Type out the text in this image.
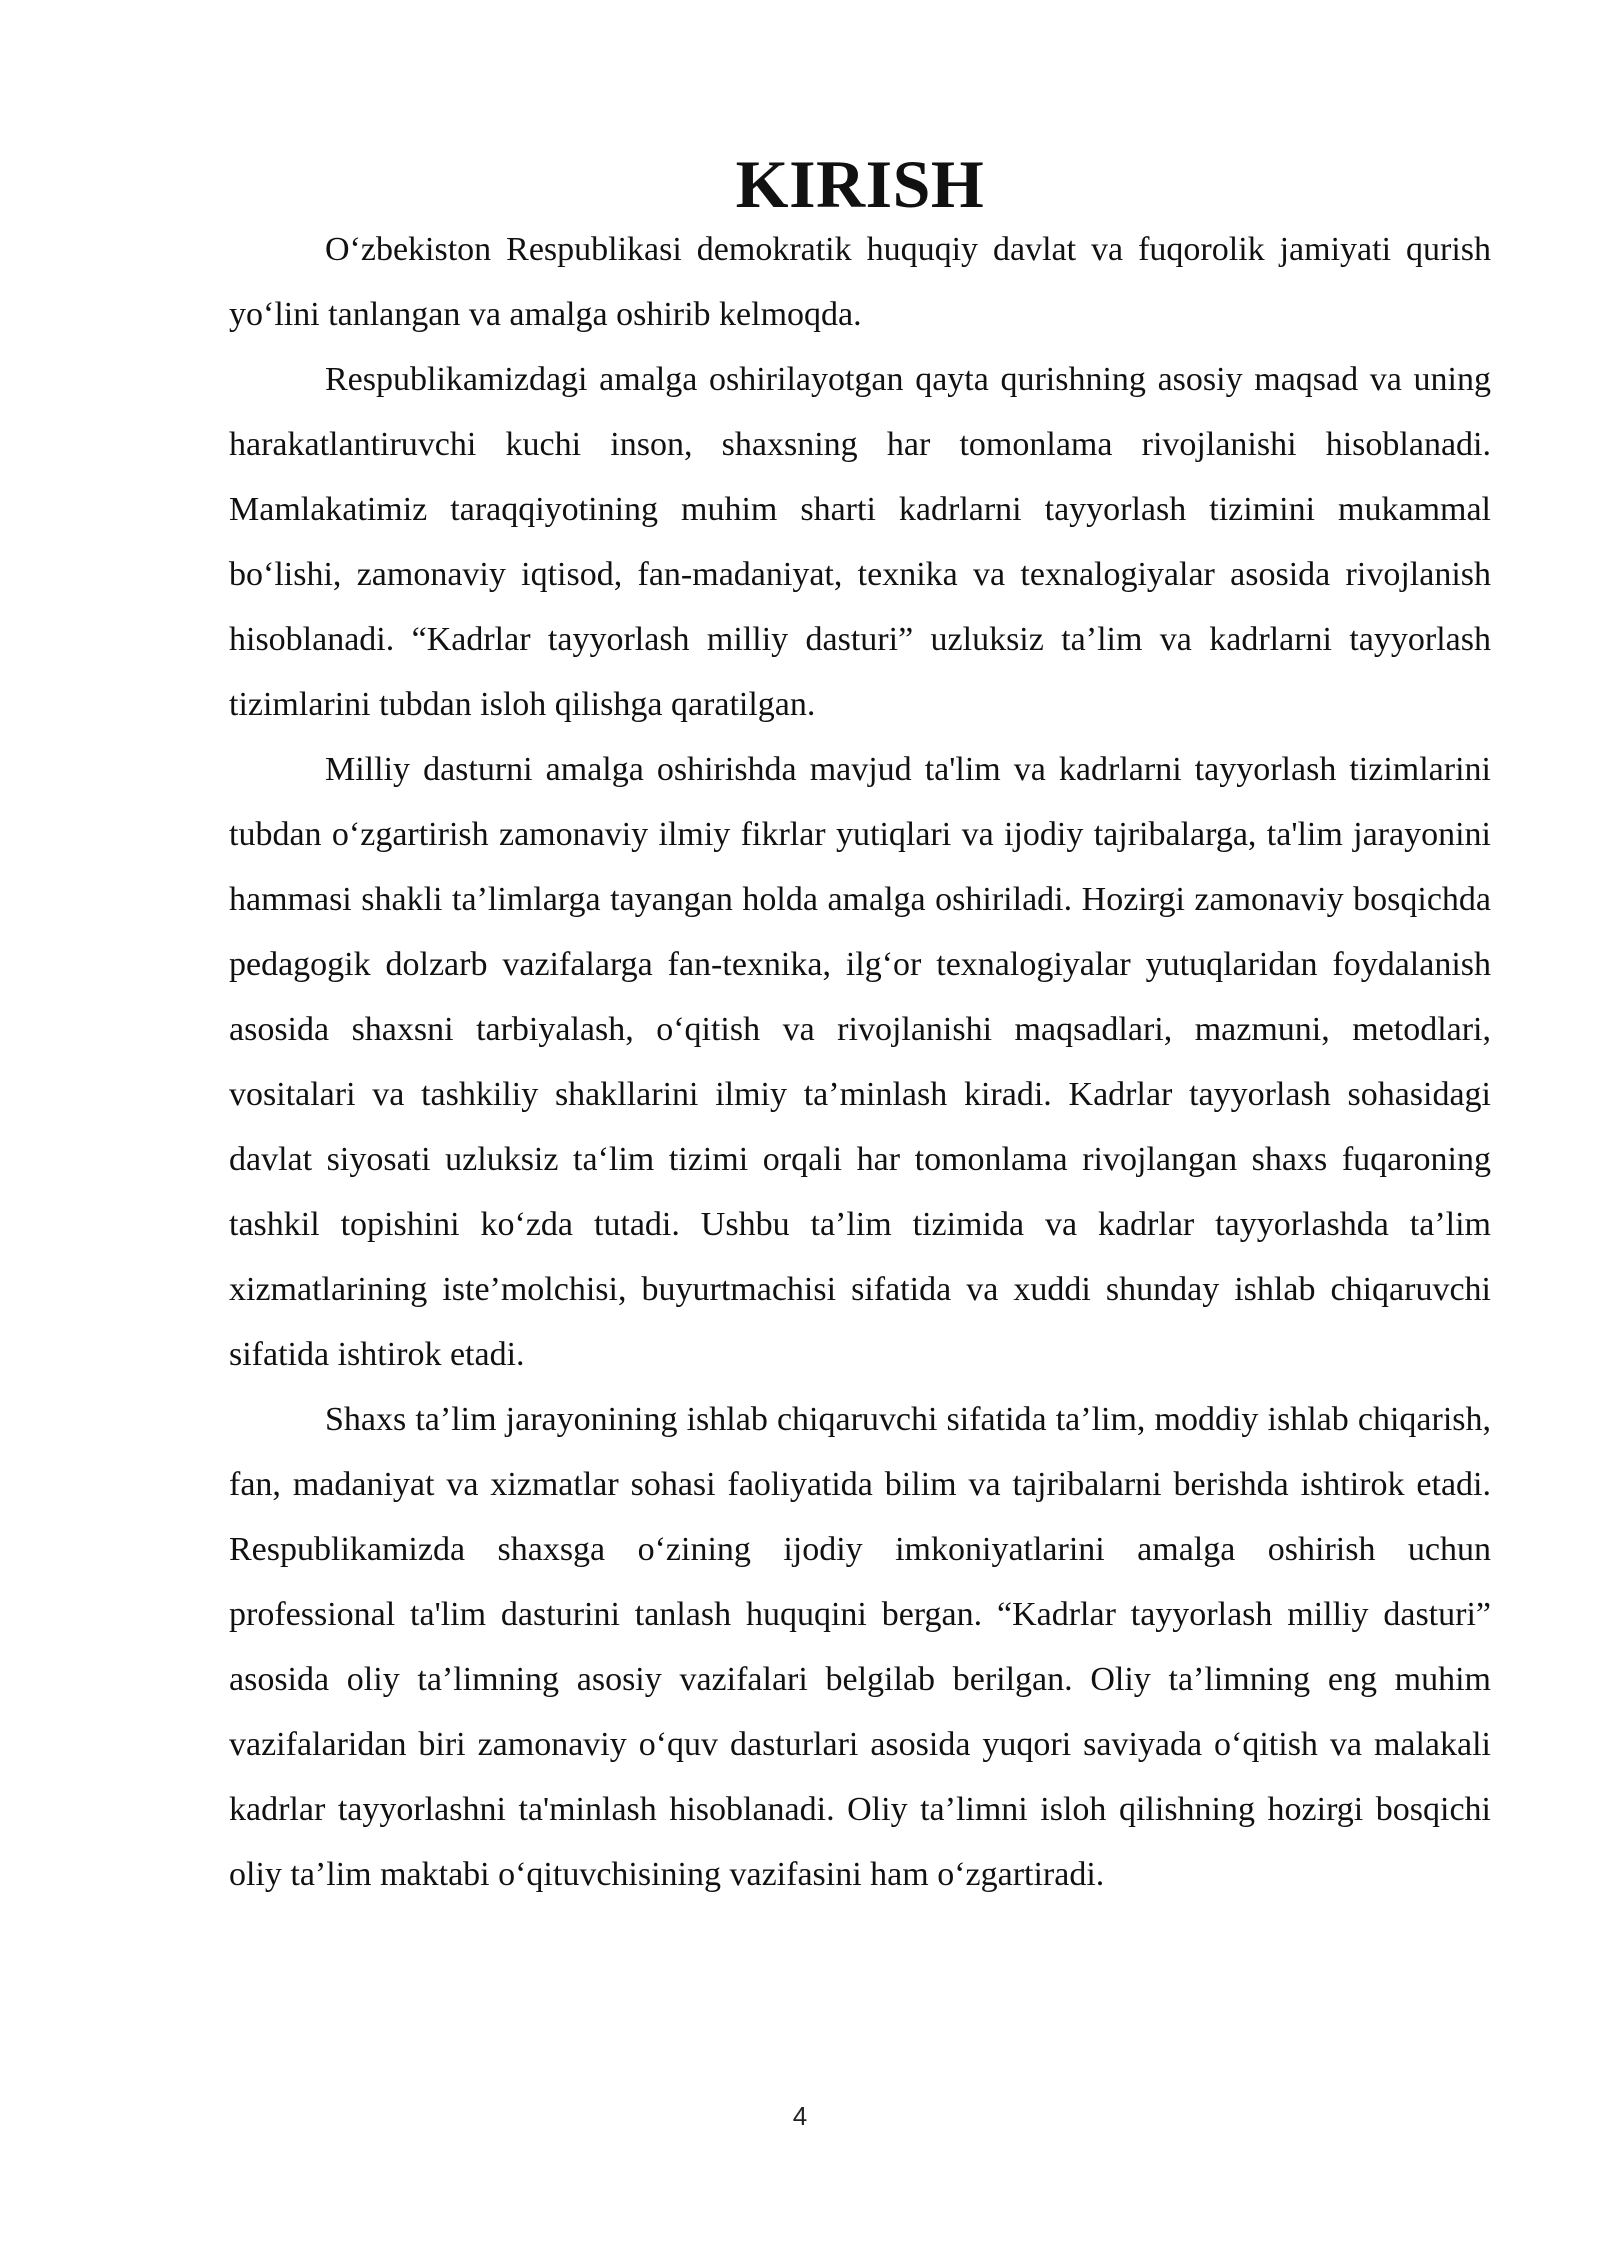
KIRISH

O‘zbekiston Respublikasi demokratik huquqiy davlat va fuqorolik jamiyati qurish yo‘lini tanlangan va amalga oshirib kelmoqda.

Respublikamizdagi amalga oshirilayotgan qayta qurishning asosiy maqsad va uning harakatlantiruvchi kuchi inson, shaxsning har tomonlama rivojlanishi hisoblanadi. Mamlakatimiz taraqqiyotining muhim sharti kadrlarni tayyorlash tizimini mukammal bo‘lishi, zamonaviy iqtisod, fan-madaniyat, texnika va texnalogiyalar asosida rivojlanish hisoblanadi. “Kadrlar tayyorlash milliy dasturi” uzluksiz ta’lim va kadrlarni tayyorlash tizimlarini tubdan isloh qilishga qaratilgan.

Milliy dasturni amalga oshirishda mavjud ta'lim va kadrlarni tayyorlash tizimlarini tubdan o‘zgartirish zamonaviy ilmiy fikrlar yutiqlari va ijodiy tajribalarga, ta'lim jarayonini hammasi shakli ta’limlarga tayangan holda amalga oshiriladi. Hozirgi zamonaviy bosqichda pedagogik dolzarb vazifalarga fan-texnika, ilg‘or texnalogiyalar yutuqlaridan foydalanish asosida shaxsni tarbiyalash, o‘qitish va rivojlanishi maqsadlari, mazmuni, metodlari, vositalari va tashkiliy shakllarini ilmiy ta’minlash kiradi. Kadrlar tayyorlash sohasidagi davlat siyosati uzluksiz ta‘lim tizimi orqali har tomonlama rivojlangan shaxs fuqaroning tashkil topishini ko‘zda tutadi. Ushbu ta’lim tizimida va kadrlar tayyorlashda ta’lim xizmatlarining iste’molchisi, buyurtmachisi sifatida va xuddi shunday ishlab chiqaruvchi sifatida ishtirok etadi.

Shaxs ta’lim jarayonining ishlab chiqaruvchi sifatida ta’lim, moddiy ishlab chiqarish, fan, madaniyat va xizmatlar sohasi faoliyatida bilim va tajribalarni berishda ishtirok etadi. Respublikamizda shaxsga o‘zining ijodiy imkoniyatlarini amalga oshirish uchun professional ta'lim dasturini tanlash huquqini bergan. “Kadrlar tayyorlash milliy dasturi” asosida oliy ta’limning asosiy vazifalari belgilab berilgan. Oliy ta’limning eng muhim vazifalaridan biri zamonaviy o‘quv dasturlari asosida yuqori saviyada o‘qitish va malakali kadrlar tayyorlashni ta'minlash hisoblanadi. Oliy ta’limni isloh qilishning hozirgi bosqichi oliy ta’lim maktabi o‘qituvchisining vazifasini ham o‘zgartiradi.

4
